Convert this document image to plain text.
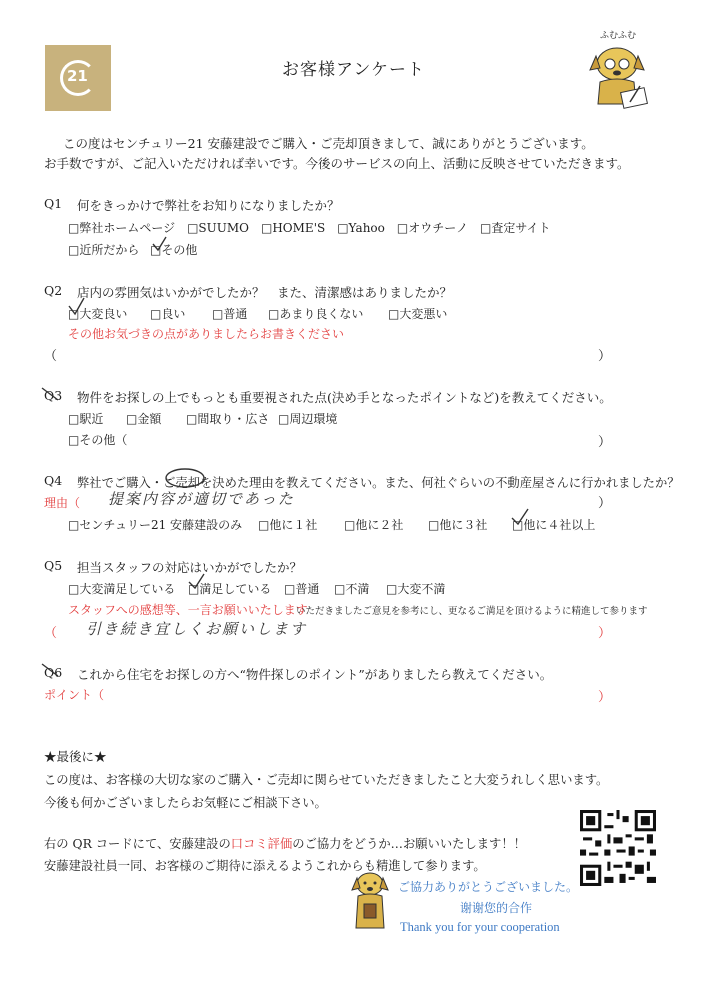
21	お客様アンケート
ふむふむ
この度はセンチュリー21 安藤建設でご購入・ご売却頂きまして、誠にありがとうございます。
お手数ですが、ご記入いただければ幸いです。今後のサービスの向上、活動に反映させていただきます。
Q1 何をきっかけで弊社をお知りになりましたか？
□弊社ホームページ　□SUUMO　□HOME'S　□Yahoo　□オウチーノ　□査定サイト
□近所だから □その他
Q2 店内の雰囲気はいかがでしたか？　また、清潔感はありましたか？
□大変良い □良い □普通 □あまり良くない □大変悪い
その他お気づきの点がありましたらお書きください
（	）
Q3 物件をお探しの上でもっとも重要視された点(決め手となったポイントなど)を教えてください。
□駅近 □金額 □間取り・広さ □周辺環境
□その他（	）
Q4 弊社でご購入・ご売却を決めた理由を教えてください。また、何社ぐらいの不動産屋さんに行かれましたか？
理由（ 提案内容が適切であった	）
□センチュリー21 安藤建設のみ □他に１社 □他に２社 □他に３社 □他に４社以上
Q5 担当スタッフの対応はいかがでしたか？
□大変満足している □満足している □普通 □不満 □大変不満
スタッフへの感想等、一言お願いいたします
いただきましたご意見を参考にし、更なるご満足を頂けるように精進して参ります
（ 引き続き宜しくお願いします	）
Q6 これから住宅をお探しの方へ“物件探しのポイント”がありましたら教えてください。
ポイント（	）
★最後に★
この度は、お客様の大切な家のご購入・ご売却に関らせていただきましたこと大変うれしく思います。
今後も何かございましたらお気軽にご相談下さい。
右の QR コードにて、安藤建設の口コミ評価のご協力をどうか…お願いいたします！！
安藤建設社員一同、お客様のご期待に添えるようこれからも精進して参ります。
ご協力ありがとうございました。
谢谢您的合作
Thank you for your cooperation
